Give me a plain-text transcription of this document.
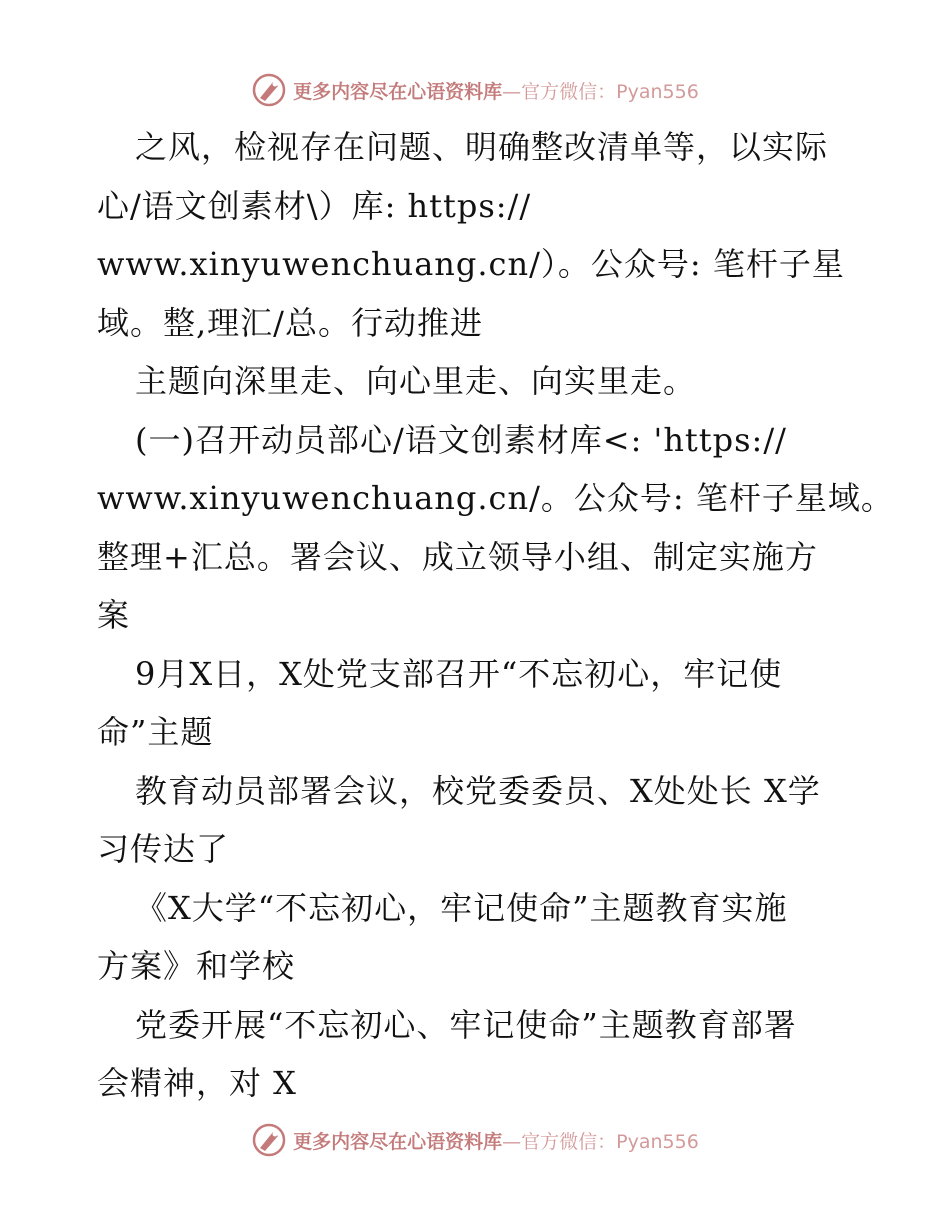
更多内容尽在心语资料库—官方微信：Pyan556
之风，检视存在问题、明确整改清单等，以实际
心/语文创素材\）库: https://
www.xinyuwenchuang.cn/）。公众号: 笔杆子星
域。整,理汇/总。行动推进
主题向深里走、向心里走、向实里走。
(一)召开动员部心/语文创素材库<: 'https://
www.xinyuwenchuang.cn/。公众号: 笔杆子星域。
整理+汇总。署会议、成立领导小组、制定实施方
案
9月X日，X处党支部召开“不忘初心，牢记使
命”主题
教育动员部署会议，校党委委员、X处处长 X学
习传达了
《X大学“不忘初心，牢记使命”主题教育实施
方案》和学校
党委开展“不忘初心、牢记使命”主题教育部署
会精神，对 X
更多内容尽在心语资料库—官方微信：Pyan556
